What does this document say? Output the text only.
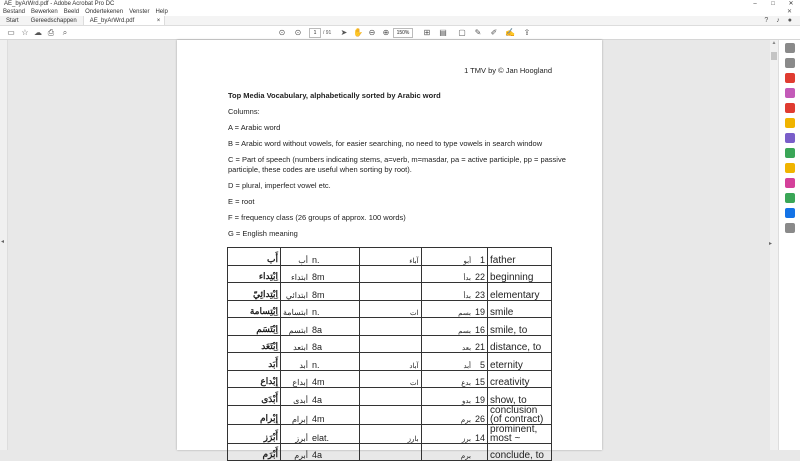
AE_byArWrd.pdf - Adobe Acrobat Pro DC	–	□	✕
Bestand Bewerken Beeld Ondertekenen Venster Help	✕
Start	Gereedschappen	AE_byArWrd.pdf	×	? ♪ ●
▭ ☆ ☁ ⎙	⌕	⊙ ⊙	1	/ 91 ➤ ✋ ⊖ ⊕	150%	⊞ ▤ ▢ ✎ ✐ ✍ ⇪
◂

1 TMV by © Jan Hoogland

Top Media Vocabulary, alphabetically sorted by Arabic word

Columns:

A = Arabic word

B = Arabic word without vowels, for easier searching, no need to type vowels in search window

C = Part of speech (numbers indicating stems, a=verb, m=masdar, pa = active participle, pp = passive

participle, these codes are useful when sorting by root).

D = plural, imperfect vowel etc.

E = root

F = frequency class (26 groups of approx. 100 words)

G = English meaning

أَب	أب	n.	آباء	أبو	1	father
اِبْتِداء	ابتداء	8m		بدأ	22	beginning
اِبْتِدائِيّ	ابتدائي	8m		بدأ	23	elementary
اِبْتِسامة	ابتسامة	n.	ات	بسم	19	smile
اِبْتَسَم	ابتسم	8a		بسم	16	smile, to
اِبْتَعَد	ابتعد	8a		بعد	21	distance, to
أَبَد	أبد	n.	آباد	أبد	5	eternity
إِبْداع	إبداع	4m	ات	بدع	15	creativity
أَبْدَى	أبدى	4a		بدو	19	show, to
إِبْرام	إبرام	4m		برم	26	conclusion (of contract)
أَبْرَز	أبرز	elat.	بارز	برز	14	prominent, most ~
أَبْرَم	أبرم	4a		برم		conclude, to
▲
▸
